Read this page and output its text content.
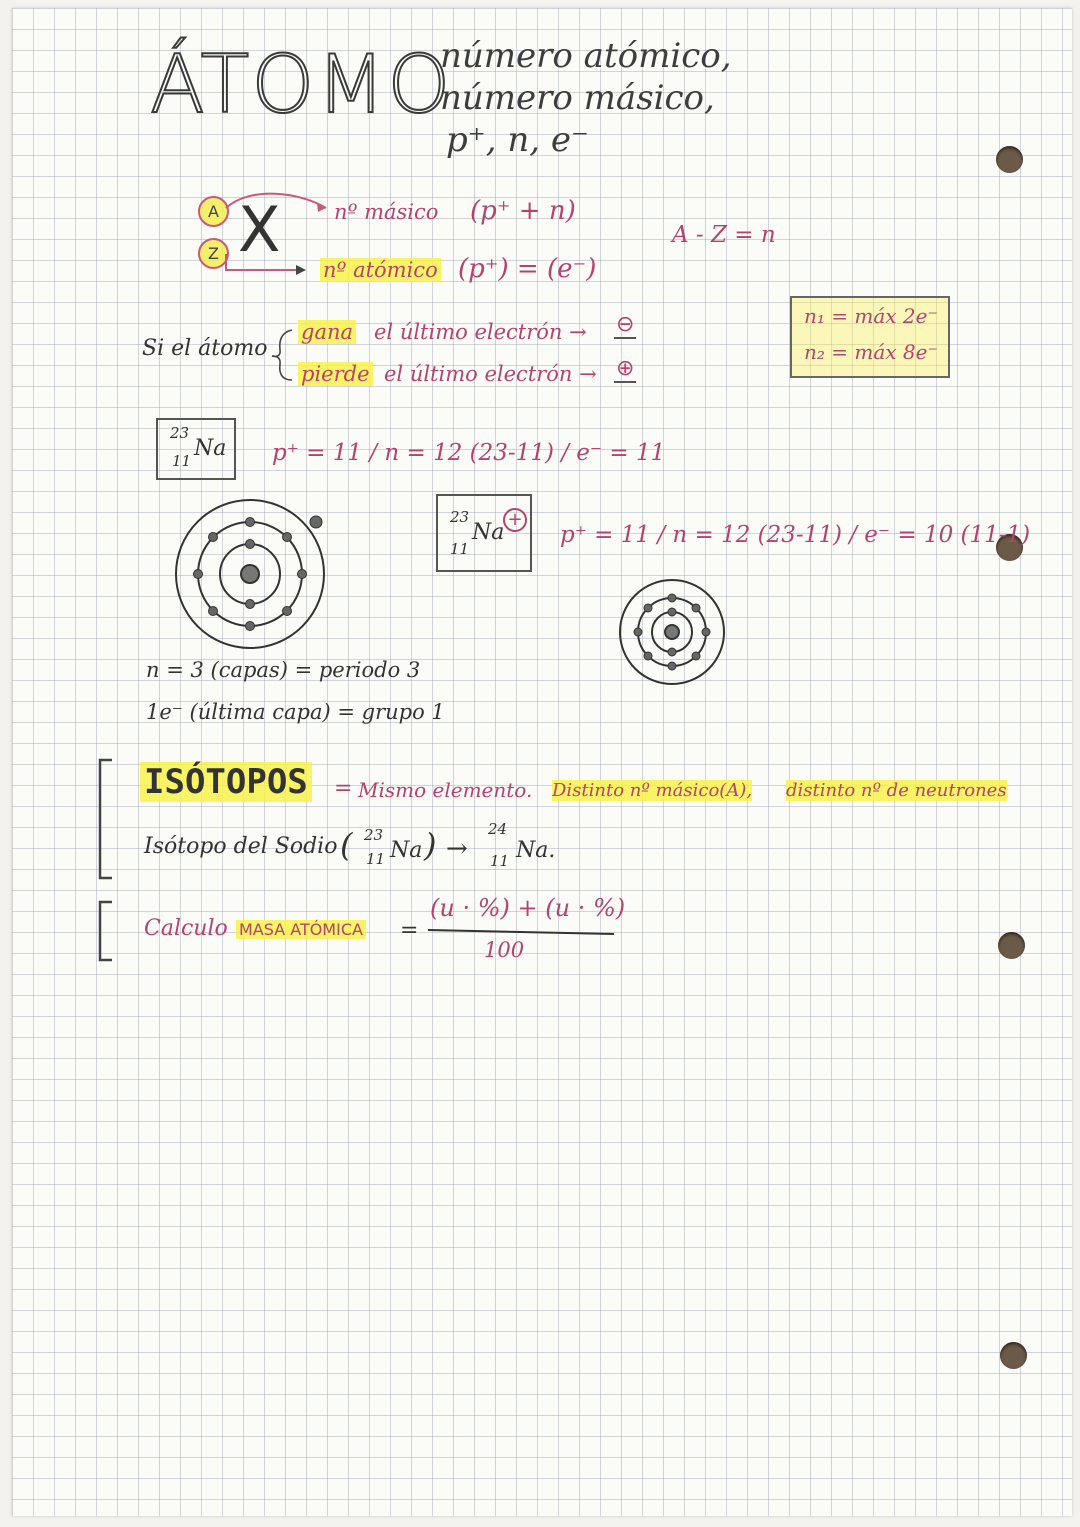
ÁTOMO
número atómico,
número másico,
p⁺, n, e⁻
A
Z X	nº másico (p⁺ + n)
nº atómico (p⁺) = (e⁻)
A - Z = n
Si el átomo
gana el último electrón → ⊖
pierde el último electrón → ⊕
n₁ = máx 2e⁻
n₂ = máx 8e⁻
23
11 Na p⁺ = 11 / n = 12 (23-11) / e⁻ = 11
n = 3 (capas) = periodo 3
1e⁻ (última capa) = grupo 1
23
11
Na
+
p⁺ = 11 / n = 12 (23-11) / e⁻ = 10 (11-1)
ISÓTOPOS = Mismo elemento. Distinto nº másico(A), distinto nº de neutrones
Isótopo del Sodio ( 23
11 Na ) →
24
11 Na.
Calculo MASA ATÓMICA =
(u · %) + (u · %)
100
